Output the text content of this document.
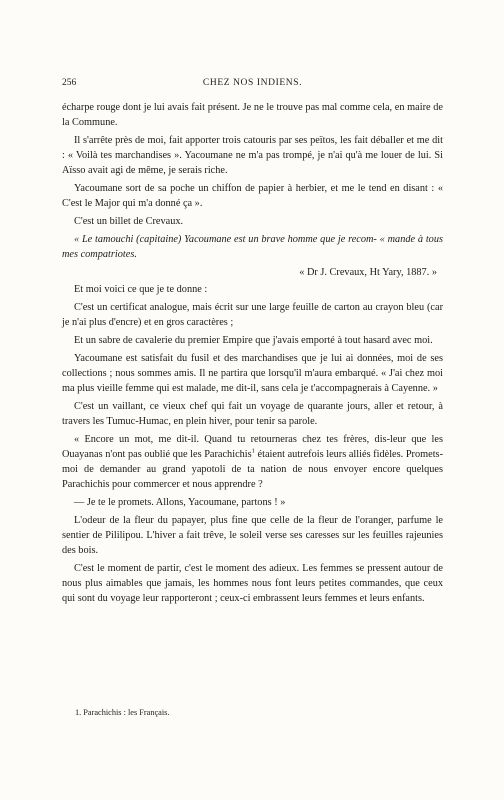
256	CHEZ NOS INDIENS.

écharpe rouge dont je lui avais fait présent. Je ne le trouve pas mal comme cela, en maire de la Commune.

Il s'arrête près de moi, fait apporter trois catouris par ses peïtos, les fait déballer et me dit : « Voilà tes marchandises ». Yacoumane ne m'a pas trompé, je n'ai qu'à me louer de lui. Si Aïsso avait agi de même, je serais riche.

Yacoumane sort de sa poche un chiffon de papier à herbier, et me le tend en disant : « C'est le Major qui m'a donné ça ».

C'est un billet de Crevaux.

« Le tamouchi (capitaine) Yacoumane est un brave homme que je recom- « mande à tous mes compatriotes.

« Dr J. Crevaux, Ht Yary, 1887. »

Et moi voici ce que je te donne :

C'est un certificat analogue, mais écrit sur une large feuille de carton au crayon bleu (car je n'ai plus d'encre) et en gros caractères ;

Et un sabre de cavalerie du premier Empire que j'avais emporté à tout hasard avec moi.

Yacoumane est satisfait du fusil et des marchandises que je lui ai données, moi de ses collections ; nous sommes amis. Il ne partira que lorsqu'il m'aura embarqué. « J'ai chez moi ma plus vieille femme qui est malade, me dit-il, sans cela je t'accompagnerais à Cayenne. »

C'est un vaillant, ce vieux chef qui fait un voyage de quarante jours, aller et retour, à travers les Tumuc-Humac, en plein hiver, pour tenir sa parole.

« Encore un mot, me dit-il. Quand tu retourneras chez tes frères, dis-leur que les Ouayanas n'ont pas oublié que les Parachichis$^1$ étaient autrefois leurs alliés fidèles. Promets-moi de demander au grand yapotoli de ta nation de nous envoyer encore quelques Parachichis pour commercer et nous apprendre ?

— Je te le promets. Allons, Yacoumane, partons ! »

L'odeur de la fleur du papayer, plus fine que celle de la fleur de l'oranger, parfume le sentier de Pililipou. L'hiver a fait trêve, le soleil verse ses caresses sur les feuilles rajeunies des bois.

C'est le moment de partir, c'est le moment des adieux. Les femmes se pressent autour de nous plus aimables que jamais, les hommes nous font leurs petites commandes, que ceux qui sont du voyage leur rapporteront ; ceux-ci embrassent leurs femmes et leurs enfants.

1. Parachichis : les Français.
